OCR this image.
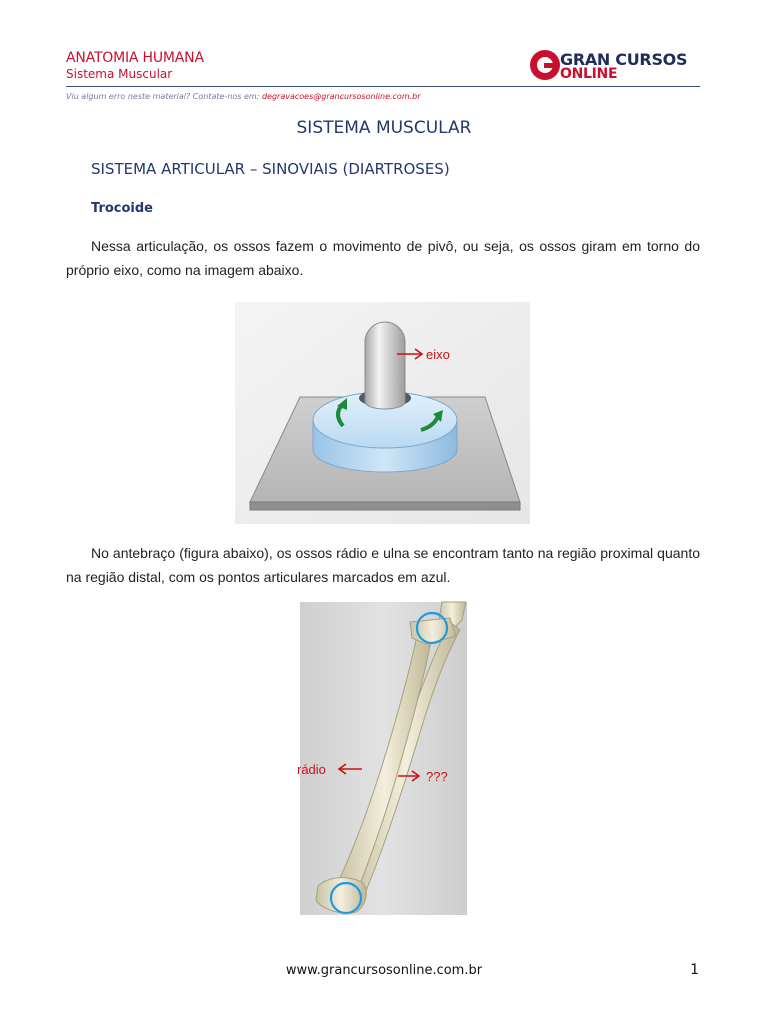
ANATOMIA HUMANA
Sistema Muscular
GRAN CURSOS
ONLINE
Viu algum erro neste material? Contate-nos em: degravacoes@grancursosonline.com.br
SISTEMA MUSCULAR
SISTEMA ARTICULAR – SINOVIAIS (DIARTROSES)
Trocoide

Nessa articulação, os ossos fazem o movimento de pivô, ou seja, os ossos giram em torno do próprio eixo, como na imagem abaixo.

eixo

No antebraço (figura abaixo), os ossos rádio e ulna se encontram tanto na região proximal quanto na região distal, com os pontos articulares marcados em azul.

rádio	???
www.grancursosonline.com.br	1
